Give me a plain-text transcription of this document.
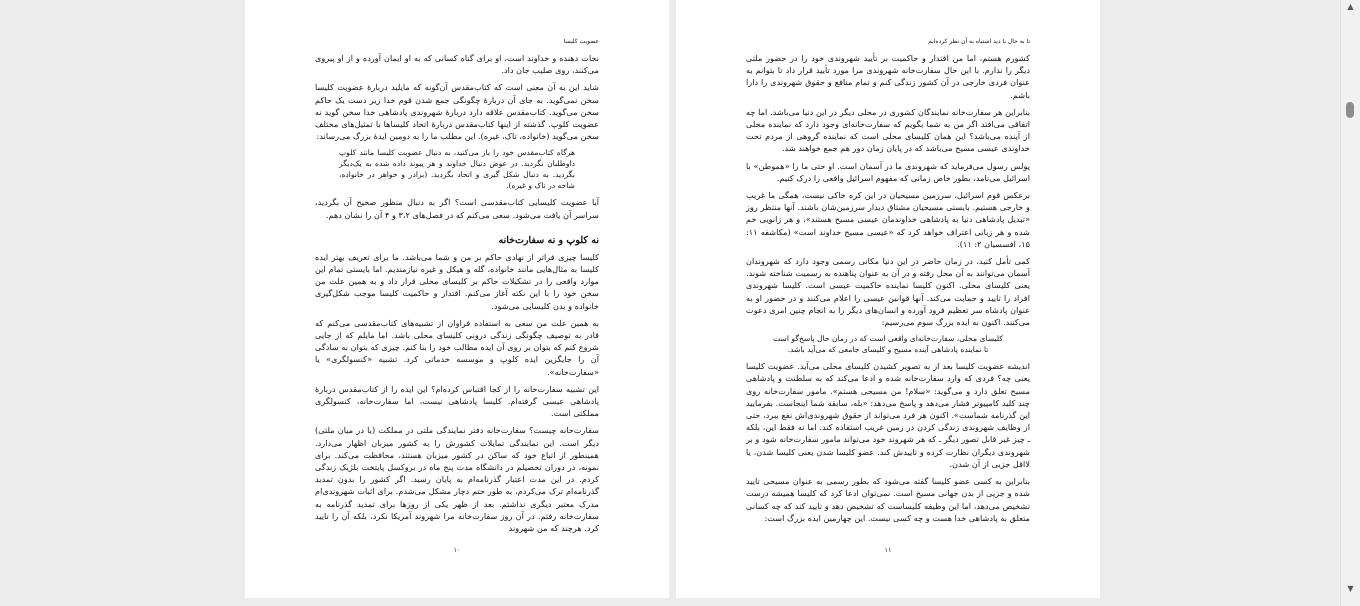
عضویت کلیسا

نجات دهنده و خداوند است، او برای گناه کسانی که به او ایمان آورده و از او پیروی می‌کنند، روی صلیب جان داد.

شاید این به آن معنی است که کتاب‌مقدس آن‌گونه که مایلید دربارهٔ عضویت کلیسا سخن نمی‌گوید. به جای آن دربارهٔ چگونگی جمع شدن قوم خدا زیر دست یک حاکم سخن می‌گوید. کتاب‌مقدس علاقه دارد دربارهٔ شهروندی پادشاهی خدا سخن گوید نه عضویت کلوپ. گذشته از اینها کتاب‌مقدس دربارهٔ اتحاد کلیساها با تمثیل‌های مختلف سخن می‌گوید (خانواده، تاک، غیره). این مطلب ما را به دومین ایدهٔ بزرگ می‌رساند:

هرگاه کتاب‌مقدس خود را باز می‌کنید، به دنبال عضویت کلیسا مانند کلوپ داوطلبان نگردید. در عوض دنبال خداوند و هر پیوند داده شده به یک‌دیگر بگردید. به دنبال شکل گیری و اتحاد بگردید. (برادر و خواهر در خانواده، شاخه در تاک و غیره).

آیا عضویت کلیسایی کتاب‌مقدسی است؟ اگر به دنبال منظور صحیح آن بگردید، سراسر آن یافت می‌شود. سعی می‌کنم که در فصل‌های ۳،۲ و ۴ آن را نشان دهم.

نه کلوپ و نه سفارت‌خانه

کلیسا چیزی فراتر از نهادی حاکم بر من و شما می‌باشد. ما برای تعریف بهتر ایده کلیسا به مثال‌هایی مانند خانواده، گله و هیکل و غیره نیازمندیم. اما بایستی تمام این موارد واقعی را در تشکیلات حاکم بر کلیسای محلی قرار داد و به همین علت من سخن خود را با این نکته آغاز می‌کنم. اقتدار و حاکمیت کلیسا موجب شکل‌گیری خانواده و بدن کلیسایی می‌شود.

به همین علت من سعی به استفاده فراوان از تشبیه‌های کتاب‌مقدسی می‌کنم که قادر به توصیف چگونگی زندگی درونی کلیسای محلی باشد. اما مایلم که از جایی شروع کنم که بتوان بر روی آن ایده مطالب خود را بنا کنم. چیزی که بتوان به سادگی آن را جایگزین ایده کلوپ و موسسه خدماتی کرد. تشبیه «کنسولگری» یا «سفارت‌خانه».

این تشبیه سفارت‌خانه را از کجا اقتباس کرده‌ام؟ این ایده را از کتاب‌مقدس دربارهٔ پادشاهی عیسی گرفته‌ام. کلیسا پادشاهی نیست، اما سفارت‌خانه، کنسولگری مملکتی است.

سفارت‌خانه چیست؟ سفارت‌خانه دفتر نمایندگی ملتی در مملکت (یا در میان ملتی) دیگر است. این نمایندگی تمایلات کشورش را به کشور میزبان اظهار می‌دارد. همینطور از اتباع خود که ساکن در کشور میزبان هستند، محافظت می‌کند. برای نمونه، در دوران تحصیلم در دانشگاه مدت پنج ماه در بروکسل پایتخت بلژیک زندگی کردم. در این مدت اعتبار گذرنامه‌ام به پایان رسید. اگر کشور را بدون تمدید گذرنامه‌ام ترک می‌کردم، به طور حتم دچار مشکل می‌شدم. برای اثبات شهروندی‌ام مدرک معتبر دیگری نداشتم. بعد از ظهر یکی از روزها برای تمدید گذرنامه به سفارت‌خانه رفتم. در آن روز سفارت‌خانه مرا شهروند آمریکا نکرد، بلکه آن را تایید کرد. هرچند که من شهروند

۱۰
تا به حال با دید اشتباه به آن نظر کرده‌ایم

کشورم هستم، اما من اقتدار و حاکمیت بر تأیید شهروندی خود را در حضور ملتی دیگر را ندارم. با این حال سفارت‌خانه شهروندی مرا مورد تأیید قرار داد تا بتوانم به عنوان فردی خارجی در آن کشور زندگی کنم و تمام منافع و حقوق شهروندی را دارا باشم.

بنابراین هر سفارت‌خانه نمایندگان کشوری در محلی دیگر در این دنیا می‌باشد. اما چه اتفاقی می‌افتد اگر من به شما بگویم که سفارت‌خانه‌ای وجود دارد که نماینده محلی از آینده می‌باشد؟ این همان کلیسای محلی است که نماینده گروهی از مردم تحت خداوندی عیسی مسیح می‌باشد که در پایان زمان دور هم جمع خواهند شد.

پولس رسول می‌فرماید که شهروندی ما در آسمان است. او حتی ما را «هموطن» با اسرائیل می‌نامد، بطور خاص زمانی که مفهوم اسرائیل واقعی را درک کنیم.

برعکس قوم اسرائیل، سرزمین مسیحیان در این کره خاکی نیست، همگی ما غریب و خارجی هستیم. بایستی مسیحیان مشتاق دیدار سرزمین‌شان باشند. آنها منتظر روز «تبدیل پادشاهی دنیا به پادشاهی خداوندمان عیسی مسیح هستند»، و هر زانویی خم شده و هر زبانی اعتراف خواهد کرد که «عیسی مسیح خداوند است» (مکاشفه ۱۱: ۱۵، افسسیان ۲: ۱۱).

کمی تأمل کنید، در زمان حاضر در این دنیا مکانی رسمی وجود دارد که شهروندان آسمان می‌توانند به آن محل رفته و در آن به عنوان پناهنده به رسمیت شناخته شوند. یعنی کلیسای محلی. اکنون کلیسا نماینده حاکمیت عیسی است. کلیسا شهروندی افراد را تایید و حمایت می‌کند. آنها قوانین عیسی را اعلام می‌کنند و در حضور او به عنوان پادشاه سر تعظیم فرود آورده و انسان‌های دیگر را به انجام چنین امری دعوت می‌کنند. اکنون به ایده بزرگ سوم می‌رسیم:

کلیسای محلی، سفارت‌خانه‌ای واقعی است که در زمان حال پاسخ‌گو است تا نماینده پادشاهی آینده مسیح و کلیسای جامعی که می‌آید باشد.

اندیشه عضویت کلیسا بعد از به تصویر کشیدن کلیسای محلی می‌آید. عضویت کلیسا یعنی چه؟ فردی که وارد سفارت‌خانه شده و ادعا می‌کند که به سلطنت و پادشاهی مسیح تعلق دارد و می‌گوید: «سلام! من مسیحی هستم». مامور سفارت‌خانه روی چند کلید کامپیوتر فشار می‌دهد و پاسخ می‌دهد: «بله، سابقه شما اینجاست. بفرمایید این گذرنامه شماست». اکنون هر فرد می‌تواند از حقوق شهروندی‌اش نفع ببرد، حتی از وظایف شهروندی زندگی کردن در زمین غریب استفاده کند. اما نه فقط این، بلکه ـ چیز غیر قابل تصور دیگر ـ که هر شهروند خود می‌تواند مامور سفارت‌خانه شود و بر شهروندی دیگران نظارت کرده و تاییدش کند. عضو کلیسا شدن یعنی کلیسا شدن، یا لااقل جزیی از آن شدن.

بنابراین به کسی عضو کلیسا گفته می‌شود که بطور رسمی به عنوان مسیحی تایید شده و جزیی از بدن جهانی مسیح است. نمی‌توان ادعا کرد که کلیسا همیشه درست تشخیص می‌دهد، اما این وظیفه کلیساست که تشخیص دهد و تایید کند که چه کسانی متعلق به پادشاهی خدا هست و چه کسی نیست. این چهارمین ایده بزرگ است:

۱۱
▲
▼
